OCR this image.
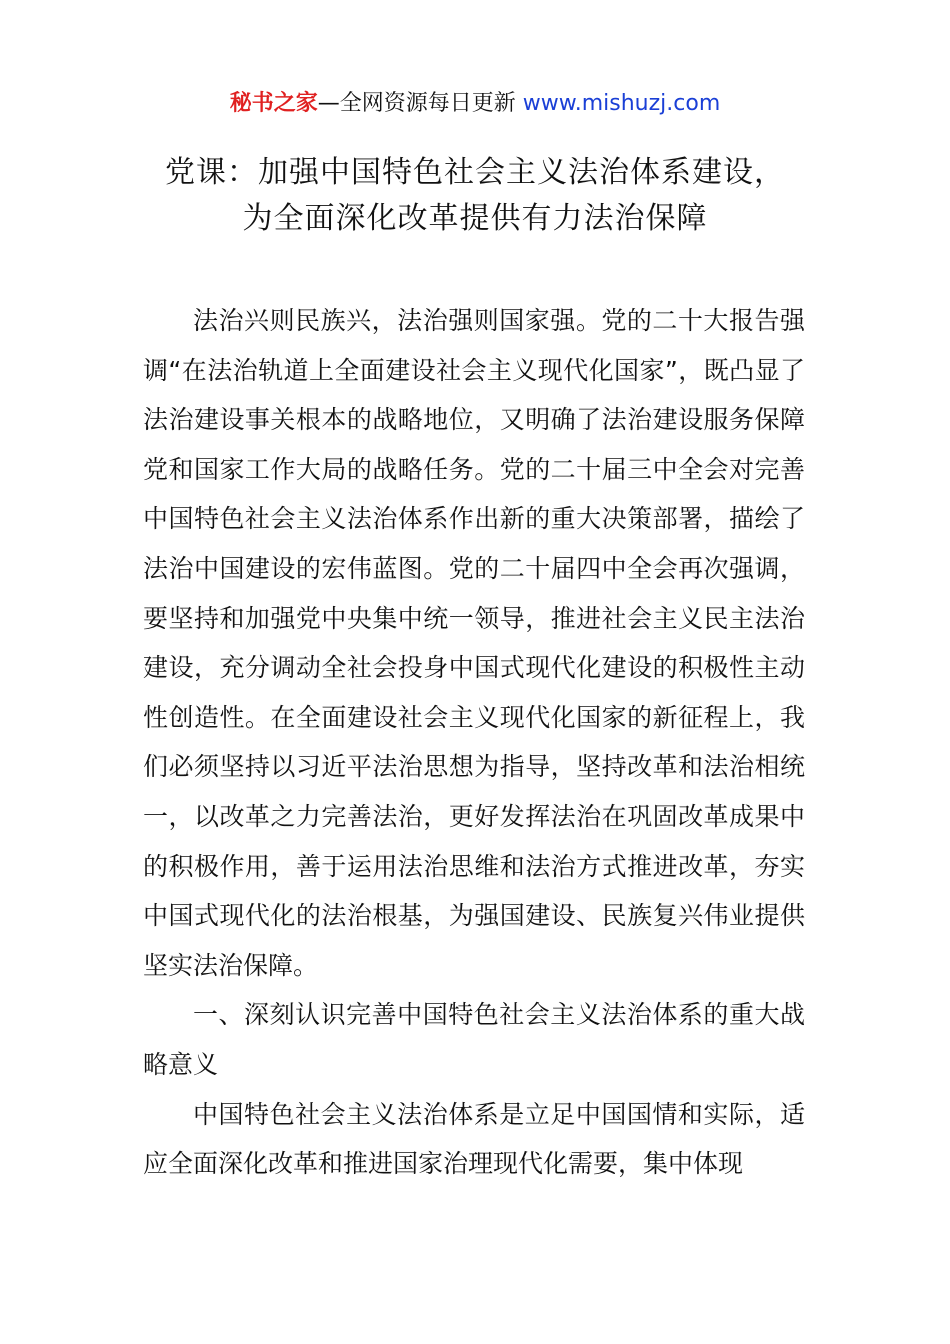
秘书之家—全网资源每日更新 www.mishuzj.com
党课：加强中国特色社会主义法治体系建设，
为全面深化改革提供有力法治保障

法治兴则民族兴，法治强则国家强。党的二十大报告强调“在法治轨道上全面建设社会主义现代化国家”，既凸显了法治建设事关根本的战略地位，又明确了法治建设服务保障党和国家工作大局的战略任务。党的二十届三中全会对完善中国特色社会主义法治体系作出新的重大决策部署，描绘了法治中国建设的宏伟蓝图。党的二十届四中全会再次强调，要坚持和加强党中央集中统一领导，推进社会主义民主法治建设，充分调动全社会投身中国式现代化建设的积极性主动性创造性。在全面建设社会主义现代化国家的新征程上，我们必须坚持以习近平法治思想为指导，坚持改革和法治相统一，以改革之力完善法治，更好发挥法治在巩固改革成果中的积极作用，善于运用法治思维和法治方式推进改革，夯实中国式现代化的法治根基，为强国建设、民族复兴伟业提供坚实法治保障。

一、深刻认识完善中国特色社会主义法治体系的重大战略意义

中国特色社会主义法治体系是立足中国国情和实际，适应全面深化改革和推进国家治理现代化需要，集中体现
